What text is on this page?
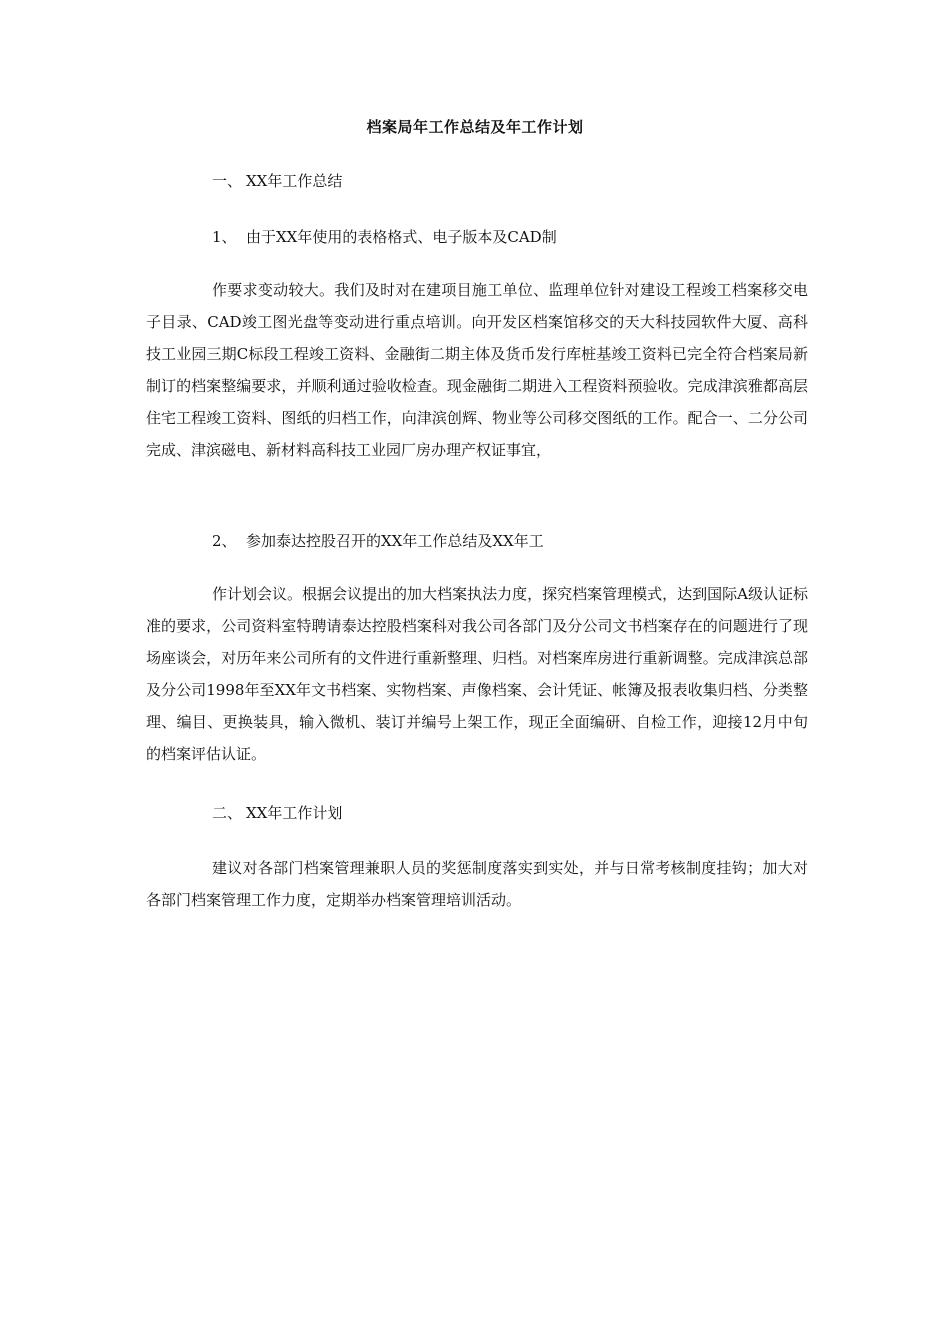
档案局年工作总结及年工作计划
一、 XX年工作总结
1、 由于XX年使用的表格格式、电子版本及CAD制

作要求变动较大。我们及时对在建项目施工单位、监理单位针对建设工程竣工档案移交电子目录、CAD竣工图光盘等变动进行重点培训。向开发区档案馆移交的天大科技园软件大厦、高科技工业园三期C标段工程竣工资料、金融街二期主体及货币发行库桩基竣工资料已完全符合档案局新制订的档案整编要求，并顺利通过验收检查。现金融街二期进入工程资料预验收。完成津滨雅都高层住宅工程竣工资料、图纸的归档工作，向津滨创辉、物业等公司移交图纸的工作。配合一、二分公司完成、津滨磁电、新材料高科技工业园厂房办理产权证事宜，

2、 参加泰达控股召开的XX年工作总结及XX年工

作计划会议。根据会议提出的加大档案执法力度，探究档案管理模式，达到国际A级认证标准的要求，公司资料室特聘请泰达控股档案科对我公司各部门及分公司文书档案存在的问题进行了现场座谈会，对历年来公司所有的文件进行重新整理、归档。对档案库房进行重新调整。完成津滨总部及分公司1998年至XX年文书档案、实物档案、声像档案、会计凭证、帐簿及报表收集归档、分类整理、编目、更换装具，输入微机、装订并编号上架工作，现正全面编研、自检工作，迎接12月中旬的档案评估认证。

二、 XX年工作计划

建议对各部门档案管理兼职人员的奖惩制度落实到实处，并与日常考核制度挂钩；加大对各部门档案管理工作力度，定期举办档案管理培训活动。
